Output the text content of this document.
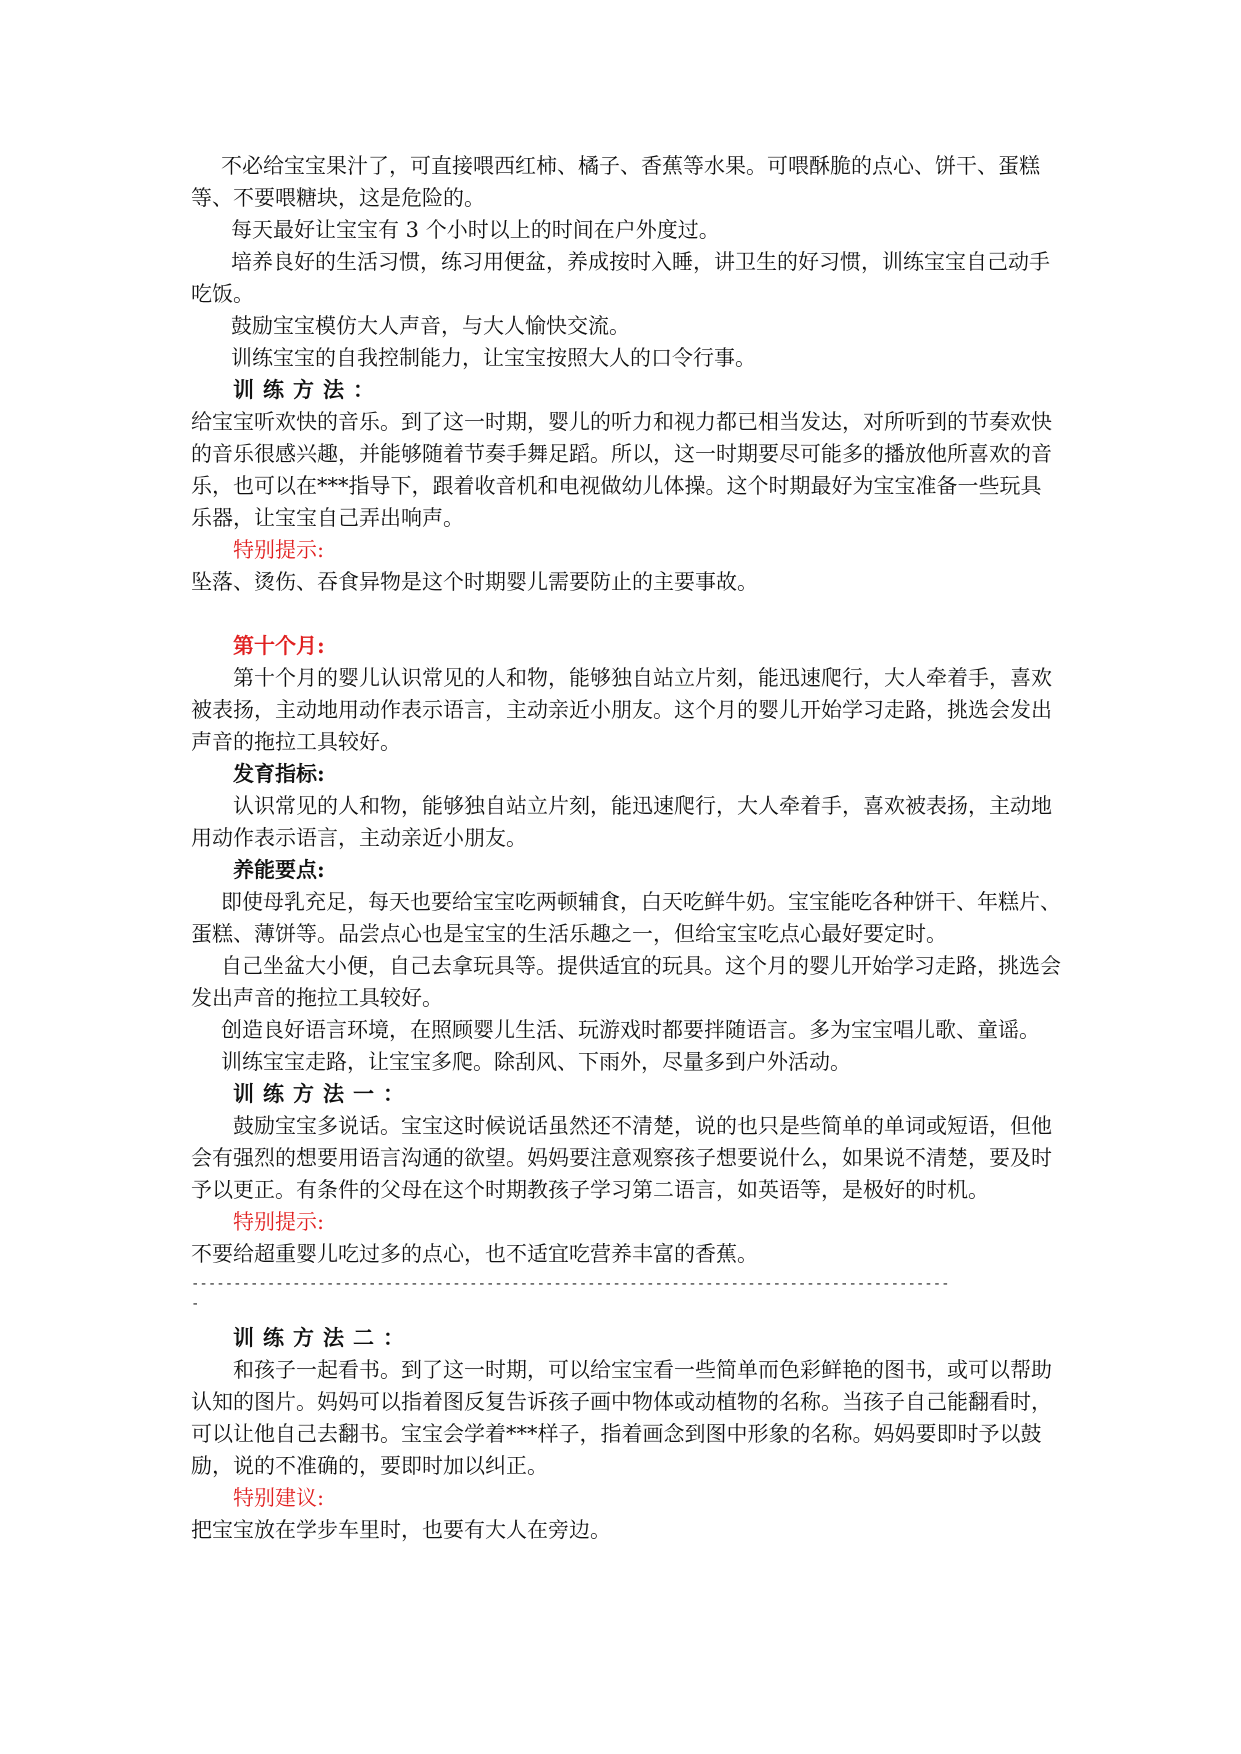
不必给宝宝果汁了，可直接喂西红柿、橘子、香蕉等水果。可喂酥脆的点心、饼干、蛋糕等、不要喂糖块，这是危险的。

每天最好让宝宝有 3 个小时以上的时间在户外度过。

培养良好的生活习惯，练习用便盆，养成按时入睡，讲卫生的好习惯，训练宝宝自己动手吃饭。

鼓励宝宝模仿大人声音，与大人愉快交流。

训练宝宝的自我控制能力，让宝宝按照大人的口令行事。

训练方法：

给宝宝听欢快的音乐。到了这一时期，婴儿的听力和视力都已相当发达，对所听到的节奏欢快的音乐很感兴趣，并能够随着节奏手舞足蹈。所以，这一时期要尽可能多的播放他所喜欢的音乐，也可以在***指导下，跟着收音机和电视做幼儿体操。这个时期最好为宝宝准备一些玩具乐器，让宝宝自己弄出响声。

特别提示:

坠落、烫伤、吞食异物是这个时期婴儿需要防止的主要事故。

第十个月:

第十个月的婴儿认识常见的人和物，能够独自站立片刻，能迅速爬行，大人牵着手，喜欢被表扬，主动地用动作表示语言，主动亲近小朋友。这个月的婴儿开始学习走路，挑选会发出声音的拖拉工具较好。

发育指标:

认识常见的人和物，能够独自站立片刻，能迅速爬行，大人牵着手，喜欢被表扬，主动地用动作表示语言，主动亲近小朋友。

养能要点:

即使母乳充足，每天也要给宝宝吃两顿辅食，白天吃鲜牛奶。宝宝能吃各种饼干、年糕片、蛋糕、薄饼等。品尝点心也是宝宝的生活乐趣之一，但给宝宝吃点心最好要定时。

自己坐盆大小便，自己去拿玩具等。提供适宜的玩具。这个月的婴儿开始学习走路，挑选会发出声音的拖拉工具较好。

创造良好语言环境，在照顾婴儿生活、玩游戏时都要拌随语言。多为宝宝唱儿歌、童谣。

训练宝宝走路，让宝宝多爬。除刮风、下雨外，尽量多到户外活动。

训练方法一：

鼓励宝宝多说话。宝宝这时候说话虽然还不清楚，说的也只是些简单的单词或短语，但他会有强烈的想要用语言沟通的欲望。妈妈要注意观察孩子想要说什么，如果说不清楚，要及时予以更正。有条件的父母在这个时期教孩子学习第二语言，如英语等，是极好的时机。

特别提示:

不要给超重婴儿吃过多的点心，也不适宜吃营养丰富的香蕉。

------------------------------------------------------------------------------------------
-

训练方法二：

和孩子一起看书。到了这一时期，可以给宝宝看一些简单而色彩鲜艳的图书，或可以帮助认知的图片。妈妈可以指着图反复告诉孩子画中物体或动植物的名称。当孩子自己能翻看时，可以让他自己去翻书。宝宝会学着***样子，指着画念到图中形象的名称。妈妈要即时予以鼓励，说的不准确的，要即时加以纠正。

特别建议:

把宝宝放在学步车里时，也要有大人在旁边。
